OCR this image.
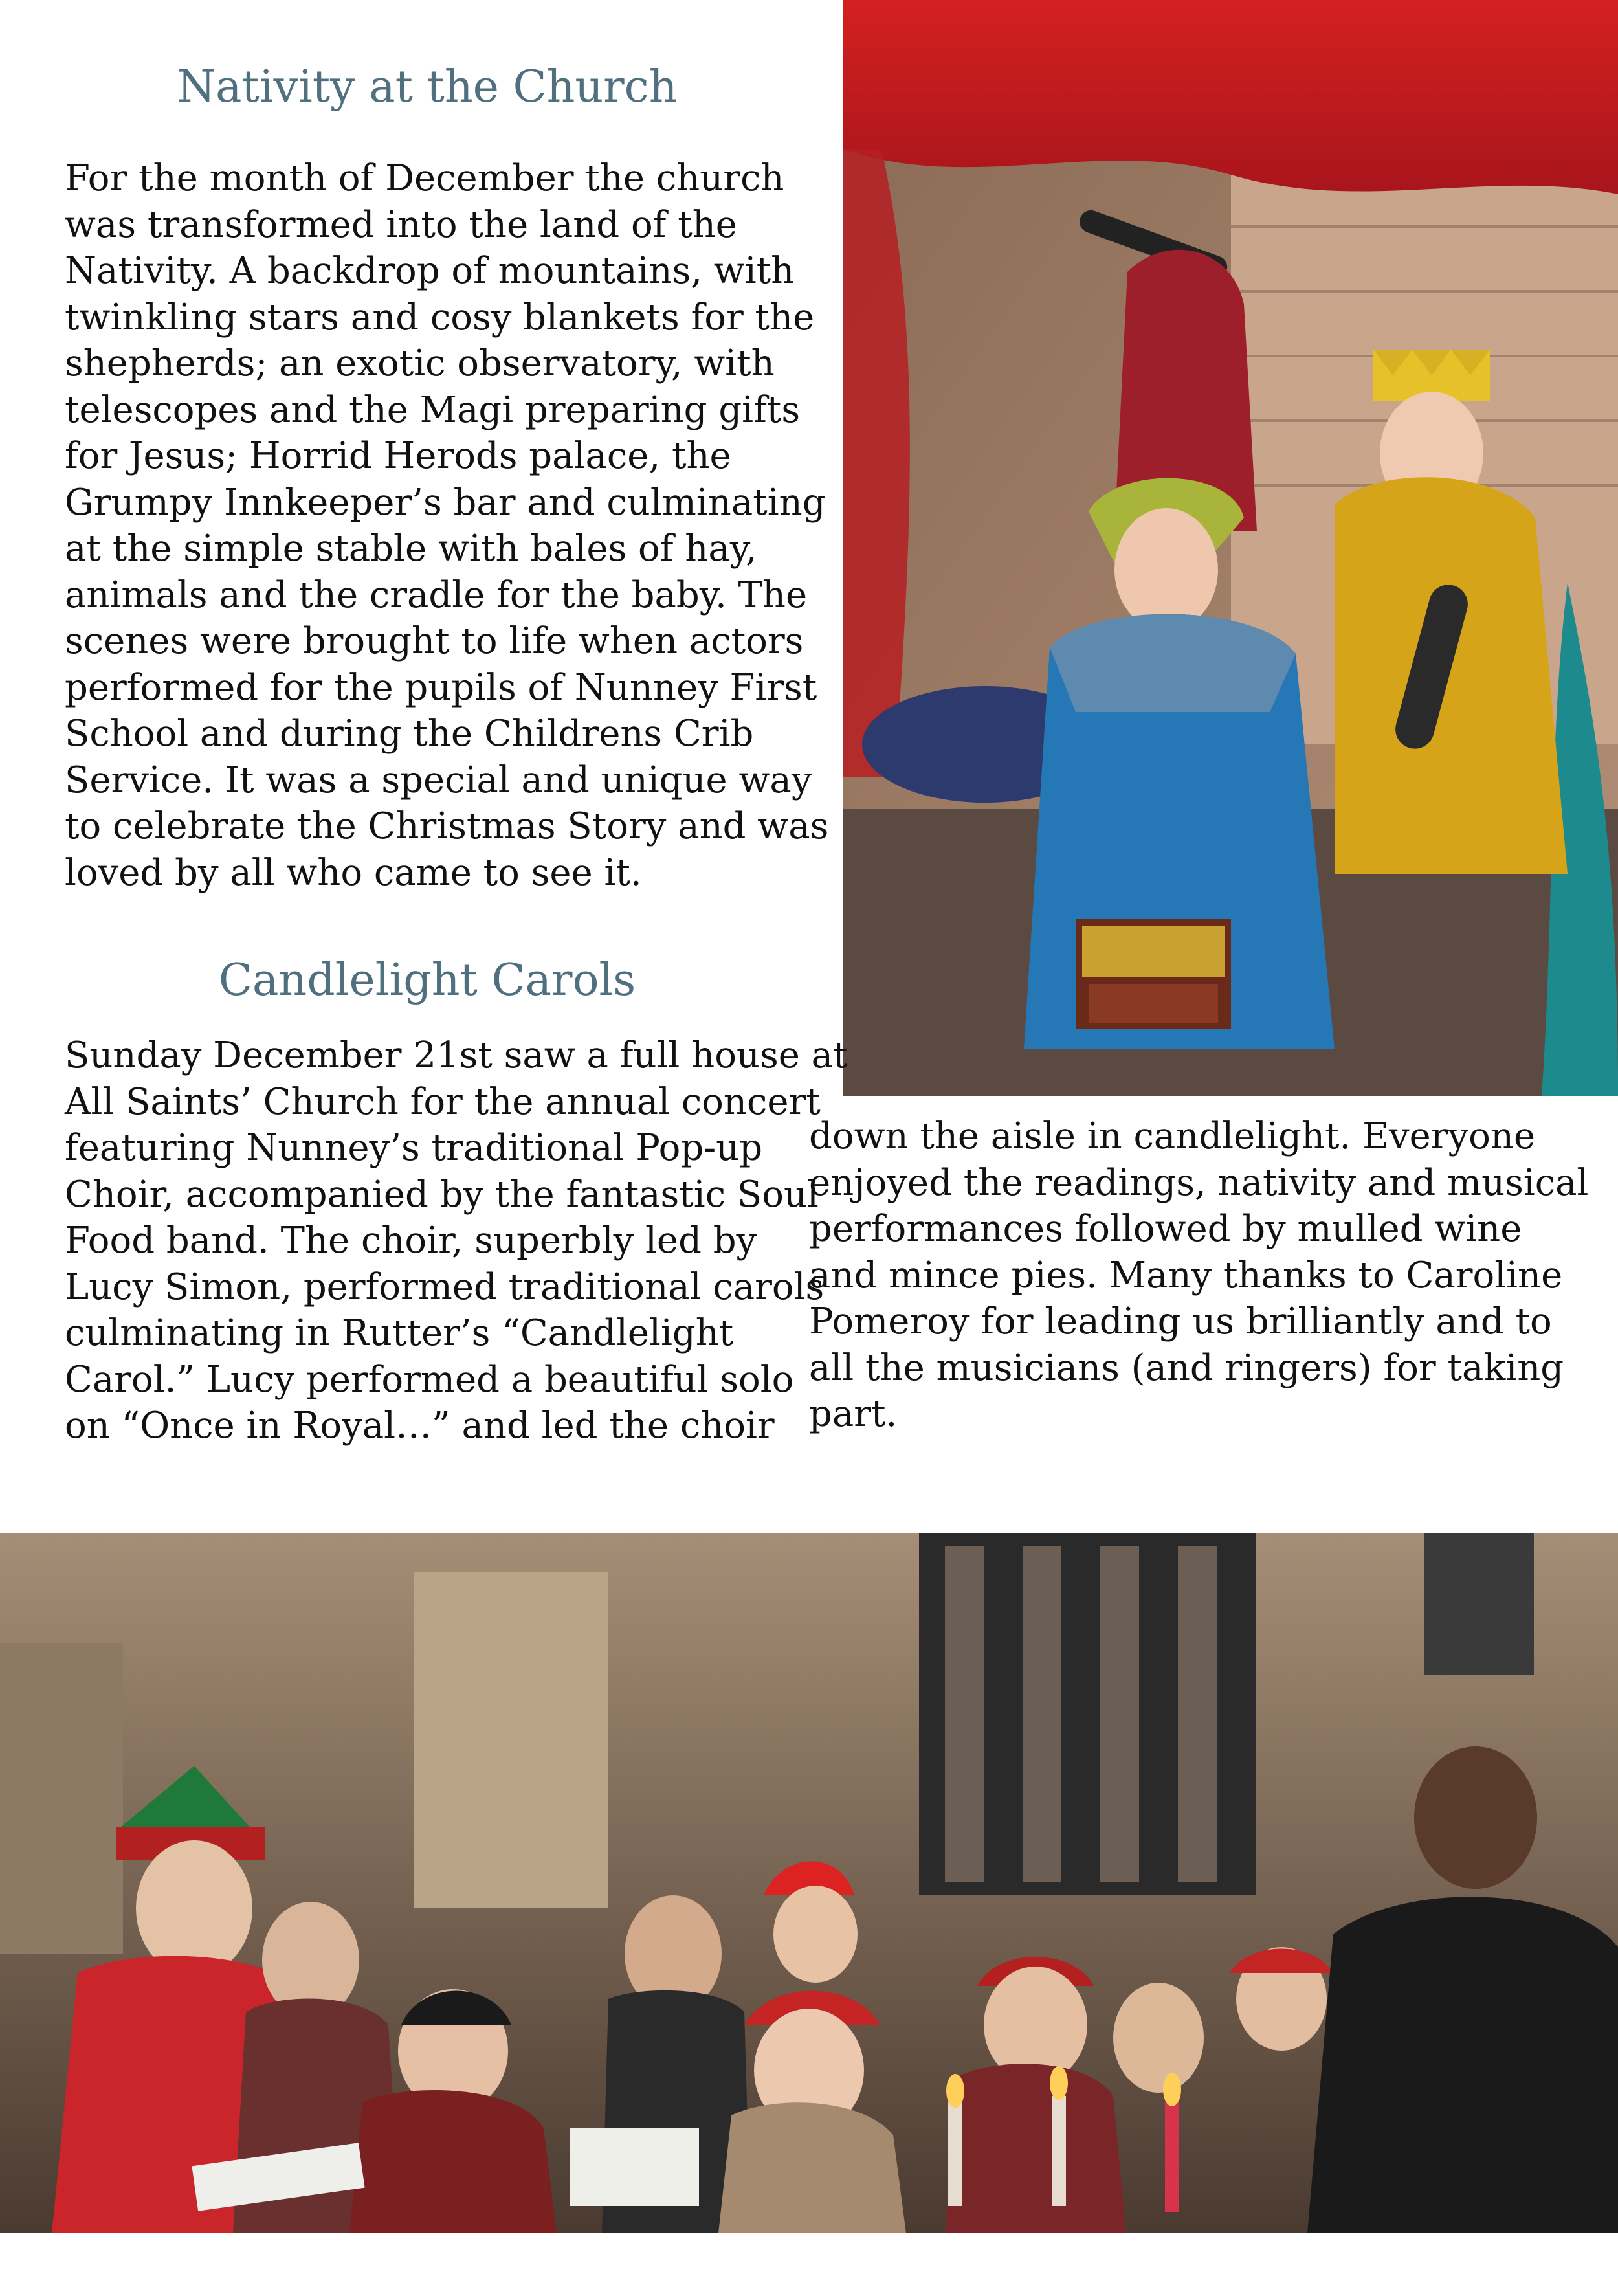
Nativity at the Church

For the month of December the church
was transformed into the land of the
Nativity. A backdrop of mountains, with
twinkling stars and cosy blankets for the
shepherds; an exotic observatory, with
telescopes and the Magi preparing gifts
for Jesus; Horrid Herods palace, the
Grumpy Innkeeper’s bar and culminating
at the simple stable with bales of hay,
animals and the cradle for the baby. The
scenes were brought to life when actors
performed for the pupils of Nunney First
School and during the Childrens Crib
Service. It was a special and unique way
to celebrate the Christmas Story and was
loved by all who came to see it.

Candlelight Carols

Sunday December 21st saw a full house at
All Saints’ Church for the annual concert
featuring Nunney’s traditional Pop-up
Choir, accompanied by the fantastic Soul
Food band. The choir, superbly led by
Lucy Simon, performed traditional carols
culminating in Rutter’s “Candlelight
Carol.” Lucy performed a beautiful solo
on “Once in Royal…” and led the choir

down the aisle in candlelight. Everyone
enjoyed the readings, nativity and musical
performances followed by mulled wine
and mince pies. Many thanks to Caroline
Pomeroy for leading us brilliantly and to
all the musicians (and ringers) for taking
part.
